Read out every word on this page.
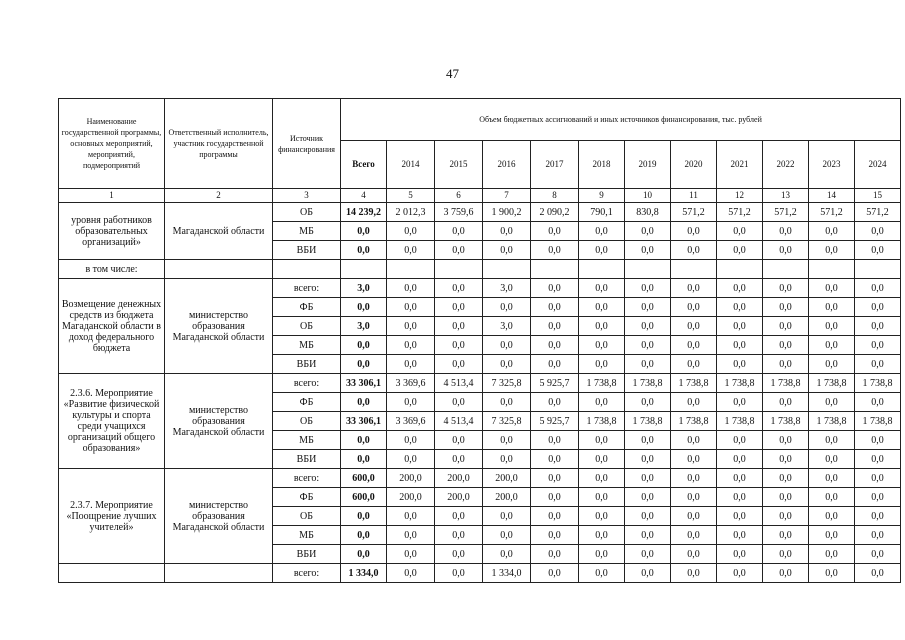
47
Наименование государственной программы, основных мероприятий, мероприятий, подмероприятий	Ответственный исполнитель, участник государственной программы	Источник финансирования	Объем бюджетных ассигнований и иных источников финансирования, тыс. рублей											
			Всего	2014	2015	2016	2017	2018	2019	2020	2021	2022	2023	2024
1	2	3	4	5	6	7	8	9	10	11	12	13	14	15
уровня работников образовательных организаций»	Магаданской области	ОБ	14 239,2	2 012,3	3 759,6	1 900,2	2 090,2	790,1	830,8	571,2	571,2	571,2	571,2	571,2
		МБ	0,0	0,0	0,0	0,0	0,0	0,0	0,0	0,0	0,0	0,0	0,0	0,0
		ВБИ	0,0	0,0	0,0	0,0	0,0	0,0	0,0	0,0	0,0	0,0	0,0	0,0
в том числе:														
Возмещение денежных средств из бюджета Магаданской области в доход федерального бюджета	министерство образования Магаданской области	всего:	3,0	0,0	0,0	3,0	0,0	0,0	0,0	0,0	0,0	0,0	0,0	0,0
		ФБ	0,0	0,0	0,0	0,0	0,0	0,0	0,0	0,0	0,0	0,0	0,0	0,0
		ОБ	3,0	0,0	0,0	3,0	0,0	0,0	0,0	0,0	0,0	0,0	0,0	0,0
		МБ	0,0	0,0	0,0	0,0	0,0	0,0	0,0	0,0	0,0	0,0	0,0	0,0
		ВБИ	0,0	0,0	0,0	0,0	0,0	0,0	0,0	0,0	0,0	0,0	0,0	0,0
2.3.6. Мероприятие «Развитие физической культуры и спорта среди учащихся организаций общего образования»	министерство образования Магаданской области	всего:	33 306,1	3 369,6	4 513,4	7 325,8	5 925,7	1 738,8	1 738,8	1 738,8	1 738,8	1 738,8	1 738,8	1 738,8
		ФБ	0,0	0,0	0,0	0,0	0,0	0,0	0,0	0,0	0,0	0,0	0,0	0,0
		ОБ	33 306,1	3 369,6	4 513,4	7 325,8	5 925,7	1 738,8	1 738,8	1 738,8	1 738,8	1 738,8	1 738,8	1 738,8
		МБ	0,0	0,0	0,0	0,0	0,0	0,0	0,0	0,0	0,0	0,0	0,0	0,0
		ВБИ	0,0	0,0	0,0	0,0	0,0	0,0	0,0	0,0	0,0	0,0	0,0	0,0
2.3.7. Мероприятие «Поощрение лучших учителей»	министерство образования Магаданской области	всего:	600,0	200,0	200,0	200,0	0,0	0,0	0,0	0,0	0,0	0,0	0,0	0,0
		ФБ	600,0	200,0	200,0	200,0	0,0	0,0	0,0	0,0	0,0	0,0	0,0	0,0
		ОБ	0,0	0,0	0,0	0,0	0,0	0,0	0,0	0,0	0,0	0,0	0,0	0,0
		МБ	0,0	0,0	0,0	0,0	0,0	0,0	0,0	0,0	0,0	0,0	0,0	0,0
		ВБИ	0,0	0,0	0,0	0,0	0,0	0,0	0,0	0,0	0,0	0,0	0,0	0,0
		всего:	1 334,0	0,0	0,0	1 334,0	0,0	0,0	0,0	0,0	0,0	0,0	0,0	0,0
